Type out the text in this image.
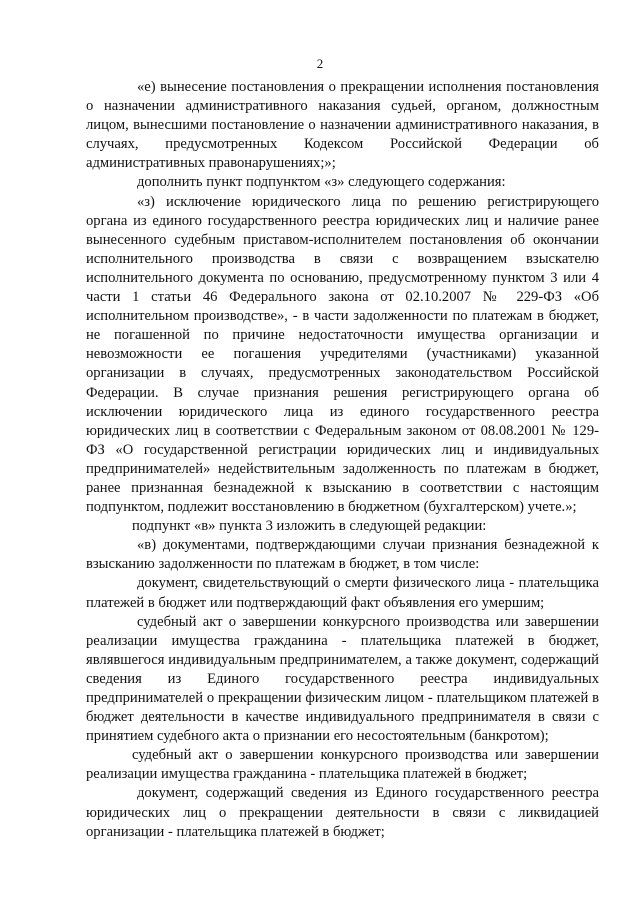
2

«е) вынесение постановления о прекращении исполнения постановления о назначении административного наказания судьей, органом, должностным лицом, вынесшими постановление о назначении административного наказания, в случаях, предусмотренных Кодексом Российской Федерации об административных правонарушениях;»;

дополнить пункт подпунктом «з» следующего содержания:

«з) исключение юридического лица по решению регистрирующего органа из единого государственного реестра юридических лиц и наличие ранее вынесенного судебным приставом-исполнителем постановления об окончании исполнительного производства в связи с возвращением взыскателю исполнительного документа по основанию, предусмотренному пунктом 3 или 4 части 1 статьи 46 Федерального закона от 02.10.2007 № 229-ФЗ «Об исполнительном производстве», - в части задолженности по платежам в бюджет, не погашенной по причине недостаточности имущества организации и невозможности ее погашения учредителями (участниками) указанной организации в случаях, предусмотренных законодательством Российской Федерации. В случае признания решения регистрирующего органа об исключении юридического лица из единого государственного реестра юридических лиц в соответствии с Федеральным законом от 08.08.2001 № 129-ФЗ «О государственной регистрации юридических лиц и индивидуальных предпринимателей» недействительным задолженность по платежам в бюджет, ранее признанная безнадежной к взысканию в соответствии с настоящим подпунктом, подлежит восстановлению в бюджетном (бухгалтерском) учете.»;

подпункт «в» пункта 3 изложить в следующей редакции:

«в) документами, подтверждающими случаи признания безнадежной к взысканию задолженности по платежам в бюджет, в том числе:

документ, свидетельствующий о смерти физического лица - плательщика платежей в бюджет или подтверждающий факт объявления его умершим;

судебный акт о завершении конкурсного производства или завершении реализации имущества гражданина - плательщика платежей в бюджет, являвшегося индивидуальным предпринимателем, а также документ, содержащий сведения из Единого государственного реестра индивидуальных предпринимателей о прекращении физическим лицом - плательщиком платежей в бюджет деятельности в качестве индивидуального предпринимателя в связи с принятием судебного акта о признании его несостоятельным (банкротом);

судебный акт о завершении конкурсного производства или завершении реализации имущества гражданина - плательщика платежей в бюджет;

документ, содержащий сведения из Единого государственного реестра юридических лиц о прекращении деятельности в связи с ликвидацией организации - плательщика платежей в бюджет;
